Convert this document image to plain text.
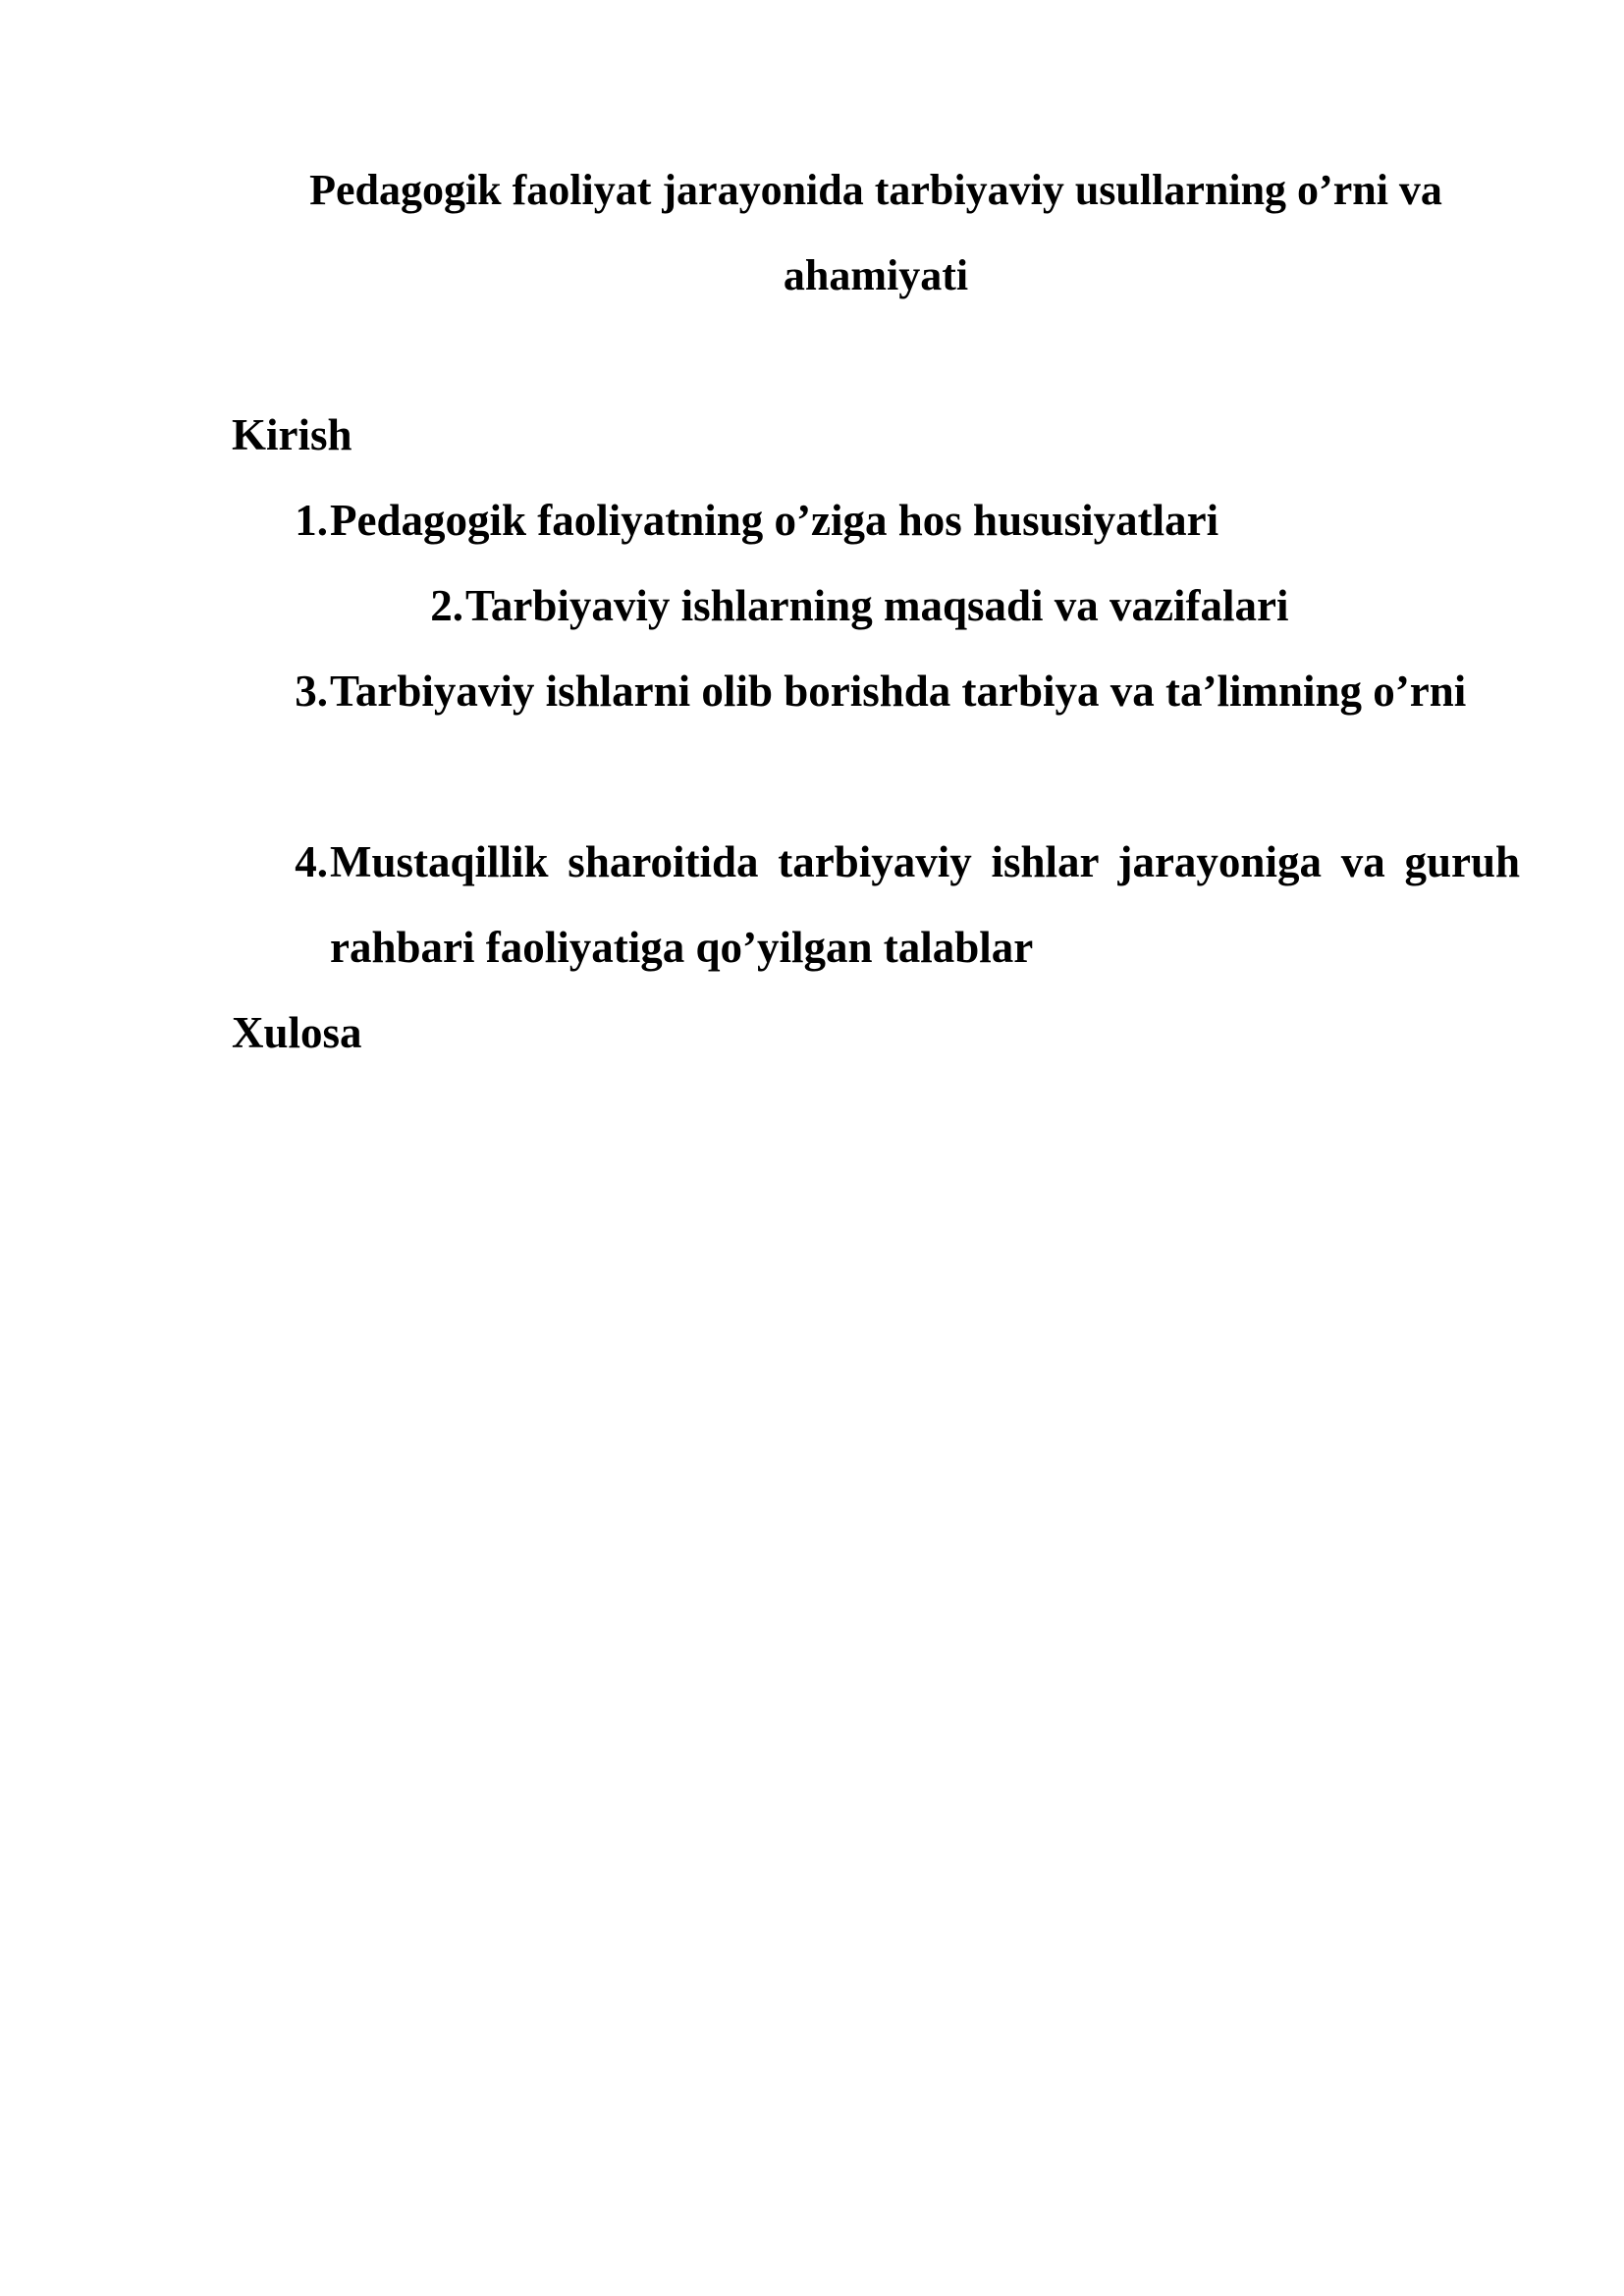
Pedagogik faoliyat jarayonida tarbiyaviy usullarning o’rni va ahamiyati

Kirish

1. Pedagogik faoliyatning o’ziga hos hususiyatlari
2. Tarbiyaviy ishlarning maqsadi va vazifalari
3. Tarbiyaviy ishlarni olib borishda tarbiya va ta’limning o’rni
4. Mustaqillik sharoitida tarbiyaviy ishlar jarayoniga va guruh rahbari faoliyatiga qo’yilgan talablar

Xulosa
